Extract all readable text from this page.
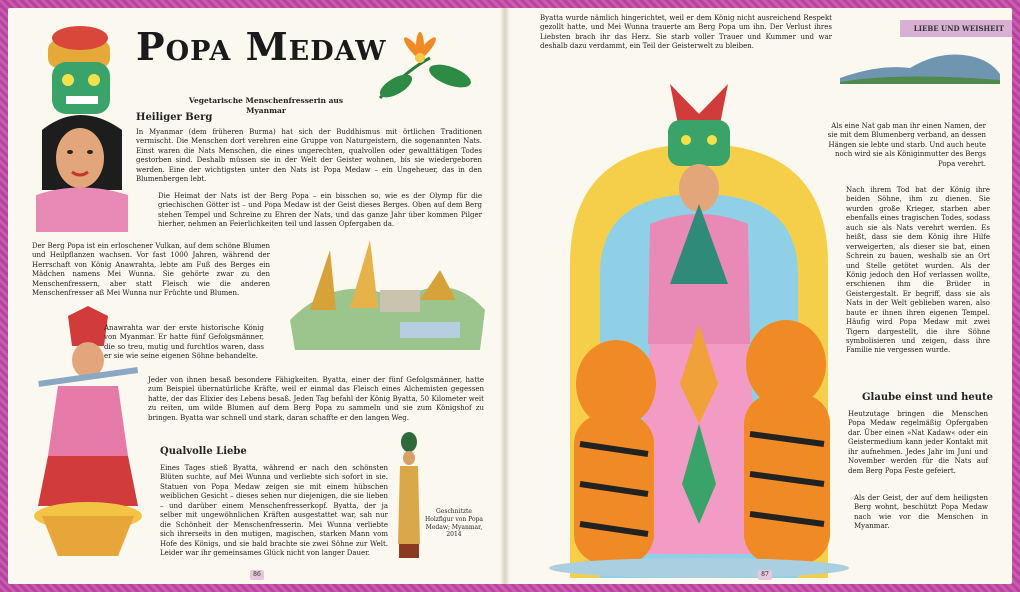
Popa Medaw
Vegetarische Menschenfresserin aus Myanmar
Heiliger Berg
In Myanmar (dem früheren Burma) hat sich der Buddhismus mit örtlichen Traditionen vermischt. Die Menschen dort verehren eine Gruppe von Naturgeistern, die sogenannten Nats. Einst waren die Nats Menschen, die eines ungerechten, qualvollen oder gewalttätigen Todes gestorben sind. Deshalb müssen sie in der Welt der Geister wohnen, bis sie wiedergeboren werden. Eine der wichtigsten unter den Nats ist Popa Medaw – ein Ungeheuer, das in den Blumenbergen lebt.
Die Heimat der Nats ist der Berg Popa – ein bisschen so, wie es der Olymp für die griechischen Götter ist – und Popa Medaw ist der Geist dieses Berges. Oben auf dem Berg stehen Tempel und Schreine zu Ehren der Nats, und das ganze Jahr über kommen Pilger hierher, nehmen an Feierlichkeiten teil und lassen Opfergaben da.
Der Berg Popa ist ein erloschener Vulkan, auf dem schöne Blumen und Heilpflanzen wachsen. Vor fast 1000 Jahren, während der Herrschaft von König Anawrahta, lebte am Fuß des Berges ein Mädchen namens Mei Wunna. Sie gehörte zwar zu den Menschenfressern, aber statt Fleisch wie die anderen Menschenfresser aß Mei Wunna nur Früchte und Blumen.
Anawrahta war der erste historische König von Myanmar. Er hatte fünf Gefolgsmänner, die so treu, mutig und furchtlos waren, dass er sie wie seine eigenen Söhne behandelte.
Jeder von ihnen besaß besondere Fähigkeiten. Byatta, einer der fünf Gefolgsmänner, hatte zum Beispiel übernatürliche Kräfte, weil er einmal das Fleisch eines Alchemisten gegessen hatte, der das Elixier des Lebens besaß. Jeden Tag befahl der König Byatta, 50 Kilometer weit zu reiten, um wilde Blumen auf dem Berg Popa zu sammeln und sie zum Königshof zu bringen. Byatta war schnell und stark, daran schaffte er den langen Weg.
Qualvolle Liebe
Eines Tages stieß Byatta, während er nach den schönsten Blüten suchte, auf Mei Wunna und verliebte sich sofort in sie. Statuen von Popa Medaw zeigen sie mit einem hübschen weiblichen Gesicht – dieses sehen nur diejenigen, die sie lieben – und darüber einem Menschenfresserkopf. Byatta, der ja selber mit ungewöhnlichen Kräften ausgestattet war, sah nur die Schönheit der Menschenfresserin. Mei Wunna verliebte sich ihrerseits in den mutigen, magischen, starken Mann vom Hofe des Königs, und sie bald brachte sie zwei Söhne zur Welt. Leider war ihr gemeinsames Glück nicht von langer Dauer.
Geschnitzte Holzfigur von Popa Medaw; Myanmar, 2014
86
LIEBE UND WEISHEIT
Byatta wurde nämlich hingerichtet, weil er dem König nicht ausreichend Respekt gezollt hatte, und Mei Wunna trauerte am Berg Popa um ihn. Der Verlust ihres Liebsten brach ihr das Herz. Sie starb voller Trauer und Kummer und war deshalb dazu verdammt, ein Teil der Geisterwelt zu bleiben.
Als eine Nat gab man ihr einen Namen, der sie mit dem Blumenberg verband, an dessen Hängen sie lebte und starb. Und auch heute noch wird sie als Königinmutter des Bergs Popa verehrt.
Nach ihrem Tod bat der König ihre beiden Söhne, ihm zu dienen. Sie wurden große Krieger, starben aber ebenfalls eines tragischen Todes, sodass auch sie als Nats verehrt werden. Es heißt, dass sie dem König ihre Hilfe verweigerten, als dieser sie bat, einen Schrein zu bauen, weshalb sie an Ort und Stelle getötet wurden. Als der König jedoch den Hof verlassen wollte, erschienen ihm die Brüder in Geistergestalt. Er begriff, dass sie als Nats in der Welt geblieben waren, also baute er ihnen ihren eigenen Tempel. Häufig wird Popa Medaw mit zwei Tigern dargestellt, die ihre Söhne symbolisieren und zeigen, dass ihre Familie nie vergessen wurde.
Glaube einst und heute
Heutzutage bringen die Menschen Popa Medaw regelmäßig Opfergaben dar. Über einen »Nat Kadaw« oder ein Geistermedium kann jeder Kontakt mit ihr aufnehmen. Jedes Jahr im Juni und November werden für die Nats auf dem Berg Popa Feste gefeiert.
Als der Geist, der auf dem heiligsten Berg wohnt, beschützt Popa Medaw nach wie vor die Menschen in Myanmar.
87
